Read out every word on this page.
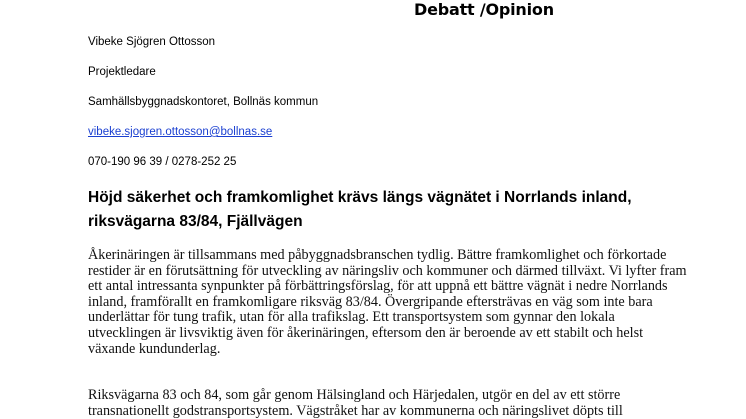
Debatt /Opinion
Vibeke Sjögren Ottosson
Projektledare
Samhällsbyggnadskontoret, Bollnäs kommun
vibeke.sjogren.ottosson@bollnas.se
070-190 96 39 / 0278-252 25
Höjd säkerhet och framkomlighet krävs längs vägnätet i Norrlands inland, riksvägarna 83/84, Fjällvägen
Åkerinäringen är tillsammans med påbyggnadsbranschen tydlig. Bättre framkomlighet och förkortade restider är en förutsättning för utveckling av näringsliv och kommuner och därmed tillväxt. Vi lyfter fram ett antal intressanta synpunkter på förbättringsförslag, för att uppnå ett bättre vägnät i nedre Norrlands inland, framförallt en framkomligare riksväg 83/84. Övergripande eftersträvas en väg som inte bara underlättar för tung trafik, utan för alla trafikslag. Ett transportsystem som gynnar den lokala utvecklingen är livsviktig även för åkerinäringen, eftersom den är beroende av ett stabilt och helst växande kundunderlag.
Riksvägarna 83 och 84, som går genom Hälsingland och Härjedalen, utgör en del av ett större transnationellt godstransportsystem. Vägstråket har av kommunerna och näringslivet döpts till
